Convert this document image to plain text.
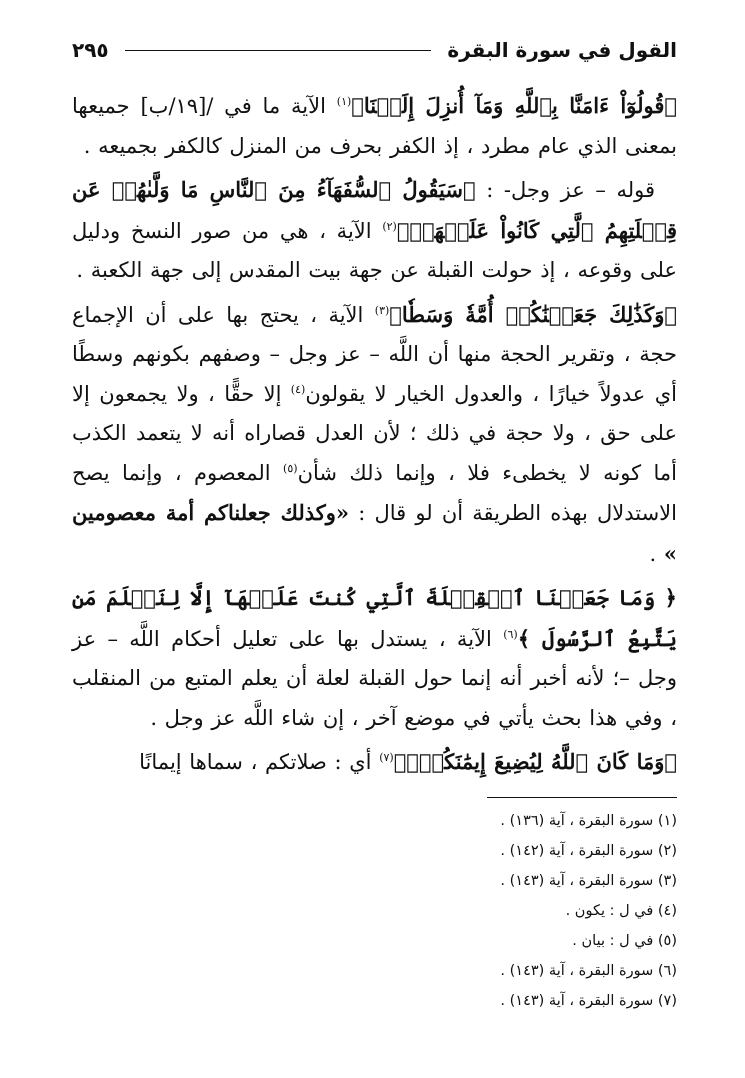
القول في سورة البقرة
٢٩٥

﴿قُولُوٓاْ ءَامَنَّا بِٱللَّهِ وَمَآ أُنزِلَ إِلَيۡنَا﴾$^{(١)}$ الآية ما في /[١٩/ب] جميعها بمعنى الذي عام مطرد ، إذ الكفر بحرف من المنزل كالكفر بجميعه .

قوله – عز وجل- : ﴿سَيَقُولُ ٱلسُّفَهَآءُ مِنَ ٱلنَّاسِ مَا وَلَّىٰهُمۡ عَن قِبۡلَتِهِمُ ٱلَّتِي كَانُواْ عَلَيۡهَاۚ﴾$^{(٢)}$ الآية ، هي من صور النسخ ودليل على وقوعه ، إذ حولت القبلة عن جهة بيت المقدس إلى جهة الكعبة .

﴿وَكَذَٰلِكَ جَعَلۡنَٰكُمۡ أُمَّةٗ وَسَطٗا﴾$^{(٣)}$ الآية ، يحتج بها على أن الإجماع حجة ، وتقرير الحجة منها أن اللَّه – عز وجل – وصفهم بكونهم وسطًا أي عدولاً خيارًا ، والعدول الخيار لا يقولون$^{(٤)}$ إلا حقًّا ، ولا يجمعون إلا على حق ، ولا حجة في ذلك ؛ لأن العدل قصاراه أنه لا يتعمد الكذب أما كونه لا يخطىء فلا ، وإنما ذلك شأن$^{(٥)}$ المعصوم ، وإنما يصح الاستدلال بهذه الطريقة أن لو قال : «وكذلك جعلناكم أمة معصومين » .

﴿ وَمَا جَعَلۡنَا ٱلۡقِبۡلَةَ ٱلَّتِي كُنتَ عَلَيۡهَآ إِلَّا لِنَعۡلَمَ مَن يَتَّبِعُ ٱلرَّسُولَ ﴾$^{(٦)}$ الآية ، يستدل بها على تعليل أحكام اللَّه – عز وجل –؛ لأنه أخبر أنه إنما حول القبلة لعلة أن يعلم المتبع من المنقلب ، وفي هذا بحث يأتي في موضع آخر ، إن شاء اللَّه عز وجل .

﴿وَمَا كَانَ ٱللَّهُ لِيُضِيعَ إِيمَٰنَكُمۡۚ﴾$^{(٧)}$ أي : صلاتكم ، سماها إيمانًا

(١) سورة البقرة ، آية (١٣٦) .
(٢) سورة البقرة ، آية (١٤٢) .
(٣) سورة البقرة ، آية (١٤٣) .
(٤) في ل : يكون .
(٥) في ل : بيان .
(٦) سورة البقرة ، آية (١٤٣) .
(٧) سورة البقرة ، آية (١٤٣) .
